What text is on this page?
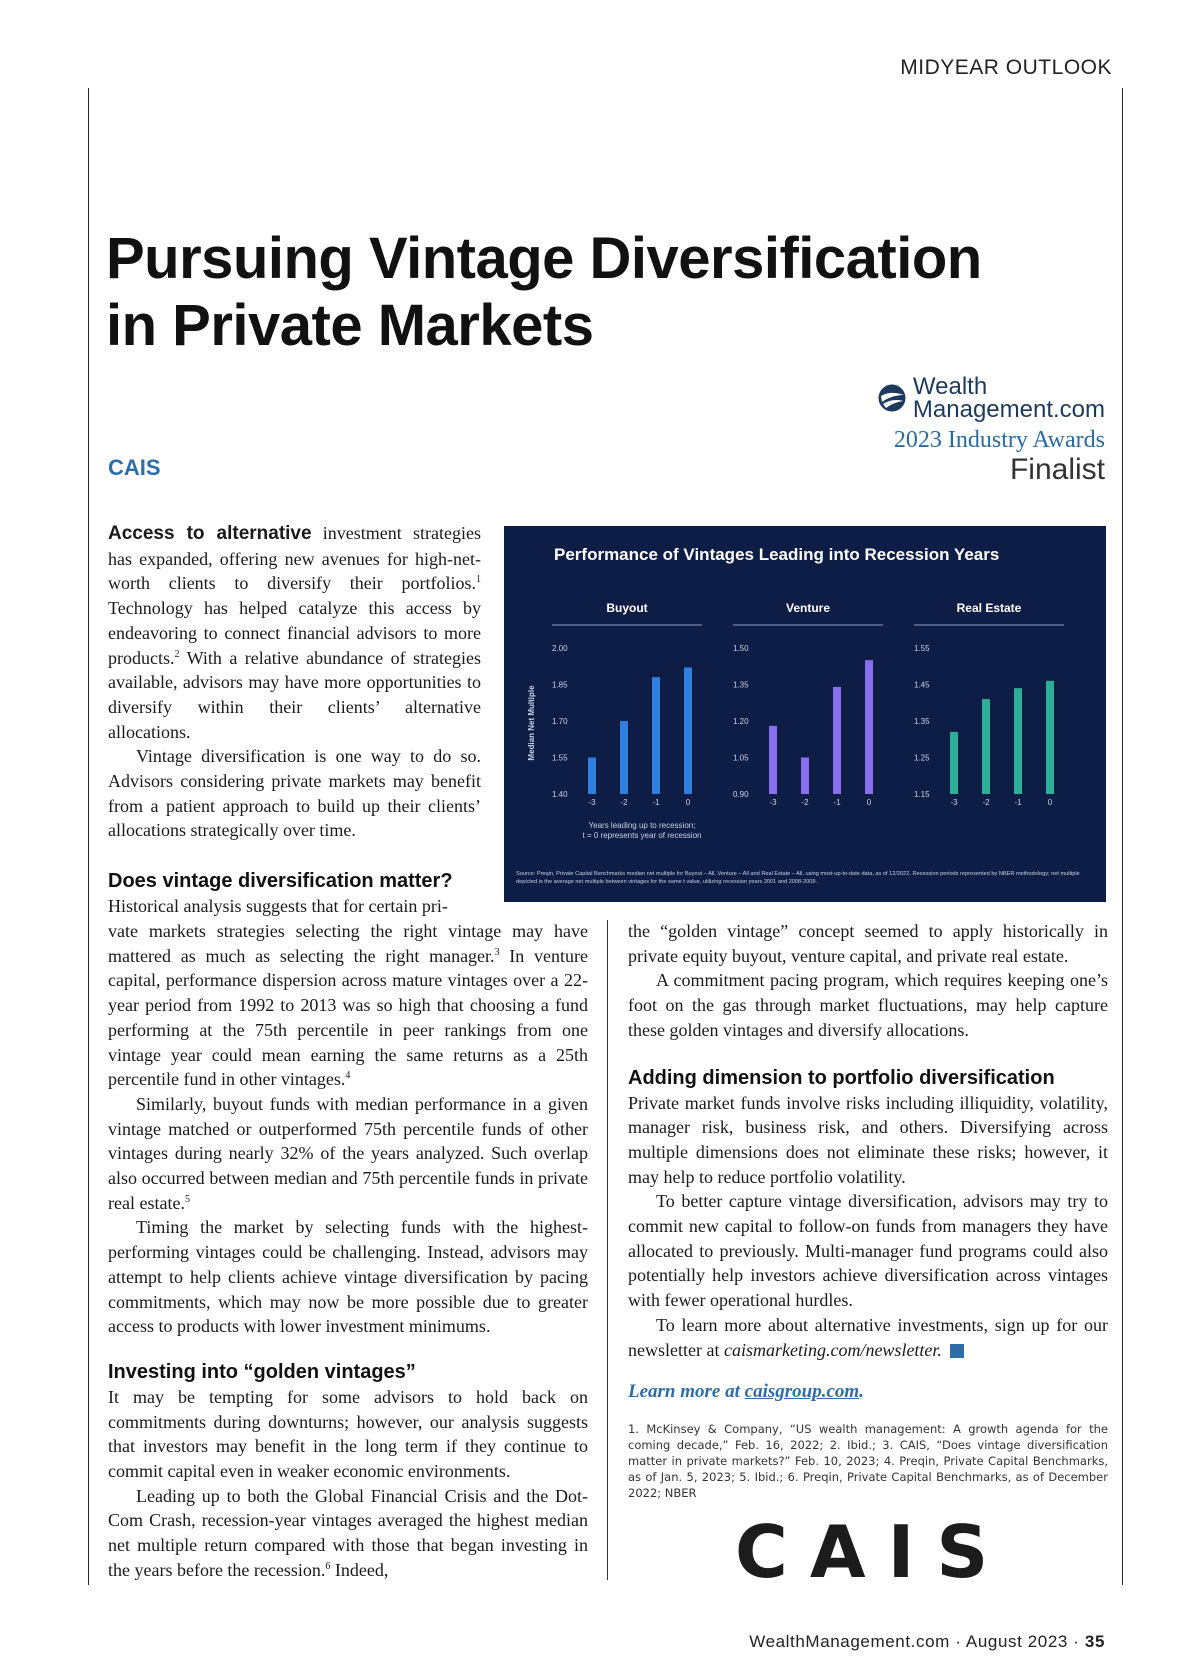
MIDYEAR OUTLOOK
Pursuing Vintage Diversification
in Private Markets
Wealth
Management.com
2023 Industry Awards
Finalist
CAIS

Access to alternative investment strategies has expanded, offering new avenues for high-net-worth clients to diversify their portfolios.$^1$ Technology has helped catalyze this access by endeavoring to connect financial advisors to more products.$^2$ With a relative abundance of strategies available, advisors may have more opportunities to diversify within their clients’ alternative allocations.

Vintage diversification is one way to do so. Advisors considering private markets may benefit from a patient approach to build up their clients’ allocations strategically over time.

Does vintage diversification matter?
Historical analysis suggests that for certain pri-

vate markets strategies selecting the right vintage may have mattered as much as selecting the right manager.$^3$ In venture capital, performance dispersion across mature vintages over a 22-year period from 1992 to 2013 was so high that choosing a fund performing at the 75th percentile in peer rankings from one vintage year could mean earning the same returns as a 25th percentile fund in other vintages.$^4$

Similarly, buyout funds with median performance in a given vintage matched or outperformed 75th percentile funds of other vintages during nearly 32% of the years analyzed. Such overlap also occurred between median and 75th percentile funds in private real estate.$^5$

Timing the market by selecting funds with the highest-performing vintages could be challenging. Instead, advisors may attempt to help clients achieve vintage diversification by pacing commitments, which may now be more possible due to greater access to products with lower investment minimums.

Investing into “golden vintages”

It may be tempting for some advisors to hold back on commitments during downturns; however, our analysis suggests that investors may benefit in the long term if they continue to commit capital even in weaker economic environments.

Leading up to both the Global Financial Crisis and the Dot-Com Crash, recession-year vintages averaged the highest median net multiple return compared with those that began investing in the years before the recession.$^6$ Indeed,

the “golden vintage” concept seemed to apply historically in private equity buyout, venture capital, and private real estate.

A commitment pacing program, which requires keeping one’s foot on the gas through market fluctuations, may help capture these golden vintages and diversify allocations.

Adding dimension to portfolio diversification

Private market funds involve risks including illiquidity, volatility, manager risk, business risk, and others. Diversifying across multiple dimensions does not eliminate these risks; however, it may help to reduce portfolio volatility.

To better capture vintage diversification, advisors may try to commit new capital to follow-on funds from managers they have allocated to previously. Multi-manager fund programs could also potentially help investors achieve diversification across vintages with fewer operational hurdles.

To learn more about alternative investments, sign up for our newsletter at caismarketing.com/newsletter.

Learn more at caisgroup.com.

1. McKinsey & Company, “US wealth management: A growth agenda for the coming decade,” Feb. 16, 2022; 2. Ibid.; 3. CAIS, “Does vintage diversification matter in private markets?” Feb. 10, 2023; 4. Preqin, Private Capital Benchmarks, as of Jan. 5, 2023; 5. Ibid.; 6. Preqin, Private Capital Benchmarks, as of December 2022; NBER

CAIS
WealthManagement.com · August 2023 · 35
Performance of Vintages Leading into Recession Years
Median Net Multiple
Buyout
2.00
1.85
1.70
1.55
1.40
-3	-2	-1	0
Venture
1.50
1.35
1.20
1.05
0.90
-3	-2	-1	0
Real Estate
1.55
1.45
1.35
1.25
1.15
-3	-2	-1	0
Years leading up to recession;
t = 0 represents year of recession
Source: Preqin, Private Capital Benchmarks median net multiple for Buyout – All, Venture – All and Real Estate – All, using most-up-to-date data, as of 12/2022. Recession periods represented by NBER methodology; net multiple depicted is the average net multiple between vintages for the same t value, utilizing recession years 2001 and 2008-2009.
